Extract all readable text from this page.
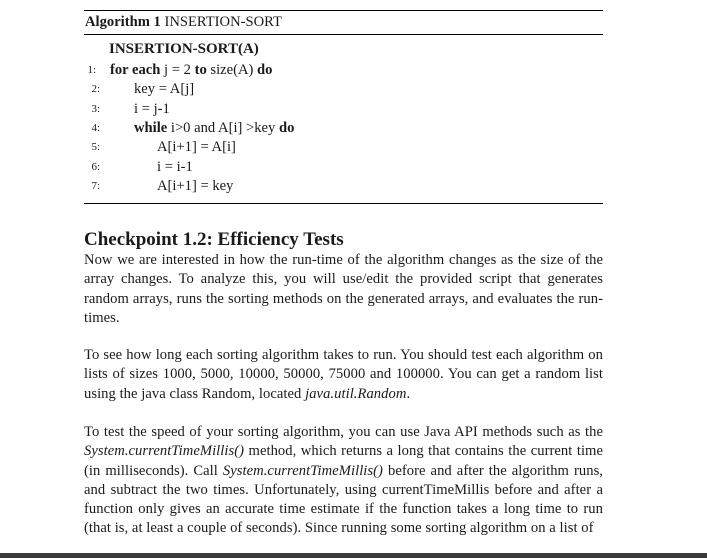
Algorithm 1 INSERTION-SORT
INSERTION-SORT(A)
1: for each j = 2 to size(A) do
2: key = A[j]
3: i = j-1
4: while i>0 and A[i] >key do
5:	A[i+1] = A[i]
6:	i = i-1
7:	A[i+1] = key
Checkpoint 1.2: Efficiency Tests

Now we are interested in how the run-time of the algorithm changes as the size of the array changes. To analyze this, you will use/edit the provided script that generates random arrays, runs the sorting methods on the generated arrays, and evaluates the run-times.

To see how long each sorting algorithm takes to run. You should test each algorithm on lists of sizes 1000, 5000, 10000, 50000, 75000 and 100000. You can get a random list using the java class Random, located java.util.Random.

To test the speed of your sorting algorithm, you can use Java API methods such as the System.currentTimeMillis() method, which returns a long that contains the current time (in milliseconds). Call System.currentTimeMillis() before and after the algorithm runs, and subtract the two times. Unfortunately, using currentTimeMillis before and after a function only gives an accurate time estimate if the function takes a long time to run (that is, at least a couple of seconds). Since running some sorting algorithm on a list of
